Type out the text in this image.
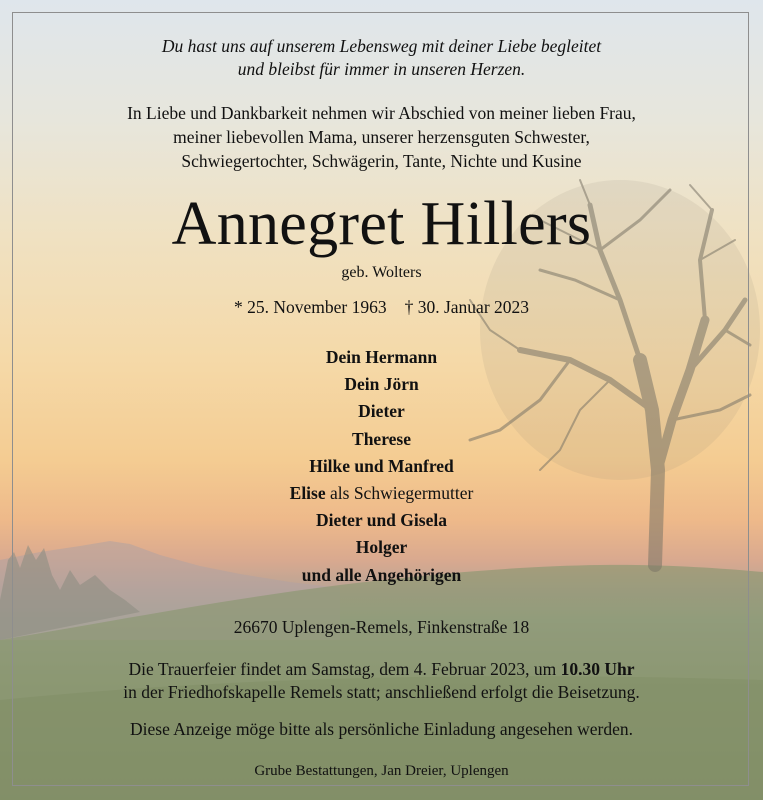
Du hast uns auf unserem Lebensweg mit deiner Liebe begleitet
und bleibst für immer in unseren Herzen.
In Liebe und Dankbarkeit nehmen wir Abschied von meiner lieben Frau,
meiner liebevollen Mama, unserer herzensguten Schwester,
Schwiegertochter, Schwägerin, Tante, Nichte und Kusine
Annegret Hillers
geb. Wolters
* 25. November 1963 † 30. Januar 2023
Dein Hermann
Dein Jörn
Dieter
Therese
Hilke und Manfred
Elise als Schwiegermutter
Dieter und Gisela
Holger
und alle Angehörigen
26670 Uplengen-Remels, Finkenstraße 18
Die Trauerfeier findet am Samstag, dem 4. Februar 2023, um 10.30 Uhr
in der Friedhofskapelle Remels statt; anschließend erfolgt die Beisetzung.
Diese Anzeige möge bitte als persönliche Einladung angesehen werden.
Grube Bestattungen, Jan Dreier, Uplengen
